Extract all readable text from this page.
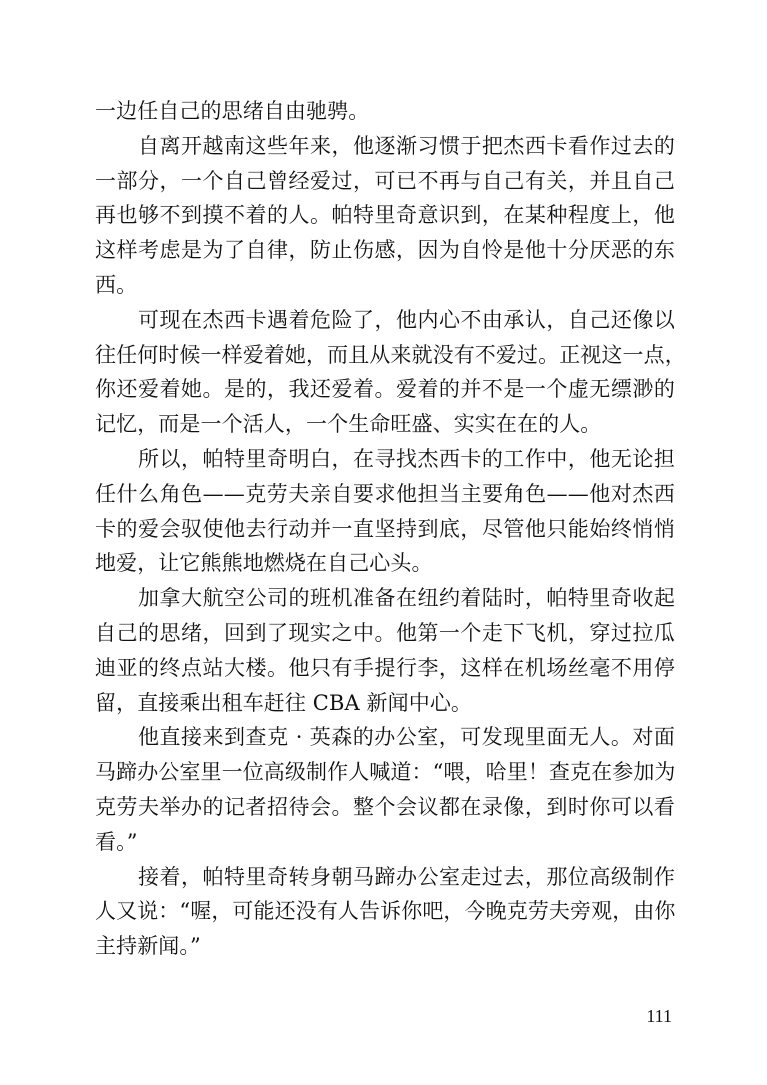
一边任自己的思绪自由驰骋。
自离开越南这些年来，他逐渐习惯于把杰西卡看作过去的
一部分，一个自己曾经爱过，可已不再与自己有关，并且自己
再也够不到摸不着的人。帕特里奇意识到，在某种程度上，他
这样考虑是为了自律，防止伤感，因为自怜是他十分厌恶的东
西。
可现在杰西卡遇着危险了，他内心不由承认，自己还像以
往任何时候一样爱着她，而且从来就没有不爱过。正视这一点，
你还爱着她。是的，我还爱着。爱着的并不是一个虚无缥渺的
记忆，而是一个活人，一个生命旺盛、实实在在的人。
所以，帕特里奇明白，在寻找杰西卡的工作中，他无论担
任什么角色——克劳夫亲自要求他担当主要角色——他对杰西
卡的爱会驭使他去行动并一直坚持到底，尽管他只能始终悄悄
地爱，让它熊熊地燃烧在自己心头。
加拿大航空公司的班机准备在纽约着陆时，帕特里奇收起
自己的思绪，回到了现实之中。他第一个走下飞机，穿过拉瓜
迪亚的终点站大楼。他只有手提行李，这样在机场丝毫不用停
留，直接乘出租车赶往 CBA 新闻中心。
他直接来到查克 · 英森的办公室，可发现里面无人。对面
马蹄办公室里一位高级制作人喊道：“喂，哈里！查克在参加为
克劳夫举办的记者招待会。整个会议都在录像，到时你可以看
看。”
接着，帕特里奇转身朝马蹄办公室走过去，那位高级制作
人又说：“喔，可能还没有人告诉你吧，今晚克劳夫旁观，由你
主持新闻。”
111
